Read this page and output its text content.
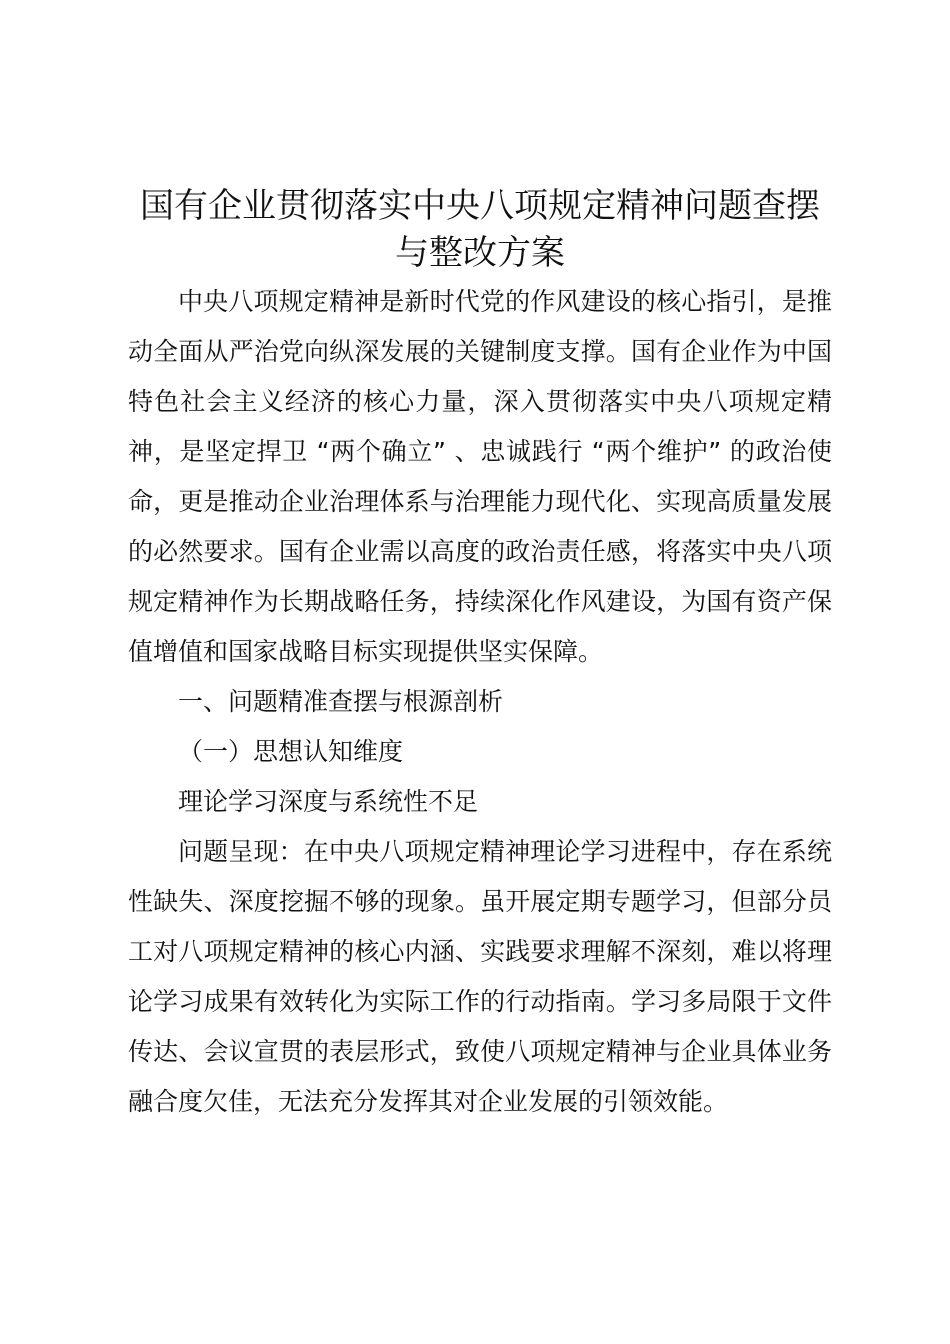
国有企业贯彻落实中央八项规定精神问题查摆
与整改方案

中央八项规定精神是新时代党的作风建设的核心指引，是推动全面从严治党向纵深发展的关键制度支撑。国有企业作为中国特色社会主义经济的核心力量，深入贯彻落实中央八项规定精神，是坚定捍卫 “两个确立” 、忠诚践行 “两个维护” 的政治使命，更是推动企业治理体系与治理能力现代化、实现高质量发展的必然要求。国有企业需以高度的政治责任感，将落实中央八项规定精神作为长期战略任务，持续深化作风建设，为国有资产保值增值和国家战略目标实现提供坚实保障。

一、问题精准查摆与根源剖析

（一）思想认知维度

理论学习深度与系统性不足

问题呈现：在中央八项规定精神理论学习进程中，存在系统性缺失、深度挖掘不够的现象。虽开展定期专题学习，但部分员工对八项规定精神的核心内涵、实践要求理解不深刻，难以将理论学习成果有效转化为实际工作的行动指南。学习多局限于文件传达、会议宣贯的表层形式，致使八项规定精神与企业具体业务融合度欠佳，无法充分发挥其对企业发展的引领效能。
